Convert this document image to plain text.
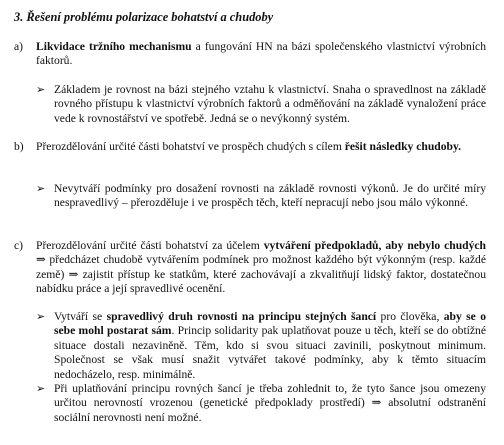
3. Řešení problému polarizace bohatství a chudoby
a) Likvidace tržního mechanismu a fungování HN na bázi společenského vlastnictví výrobních faktorů.
➢ Základem je rovnost na bázi stejného vztahu k vlastnictví. Snaha o spravedlnost na základě rovného přístupu k vlastnictví výrobních faktorů a odměňování na základě vynaložení práce vede k rovnostářství ve spotřebě. Jedná se o nevýkonný systém.
b) Přerozdělování určité části bohatství ve prospěch chudých s cílem řešit následky chudoby.
➢ Nevytváří podmínky pro dosažení rovnosti na základě rovnosti výkonů. Je do určité míry nespravedlivý – přerozděluje i ve prospěch těch, kteří nepracují nebo jsou málo výkonné.
c) Přerozdělování určité části bohatství za účelem vytváření předpokladů, aby nebylo chudých ⇒ předcházet chudobě vytvářením podmínek pro možnost každého být výkonným (resp. každé země) ⇒ zajistit přístup ke statkům, které zachovávají a zkvalitňují lidský faktor, dostatečnou nabídku práce a její spravedlivé ocenění.
➢ Vytváří se spravedlivý druh rovnosti na principu stejných šancí pro člověka, aby se o sebe mohl postarat sám. Princip solidarity pak uplatňovat pouze u těch, kteří se do obtížné situace dostali nezaviněně. Těm, kdo si svou situaci zavinili, poskytnout minimum. Společnost se však musí snažit vytvářet takové podmínky, aby k těmto situacím nedocházelo, resp. minimálně.
➢ Při uplatňování principu rovných šancí je třeba zohlednit to, že tyto šance jsou omezeny určitou nerovností vrozenou (genetické předpoklady prostředí) ⇒ absolutní odstranění sociální nerovnosti není možné.
